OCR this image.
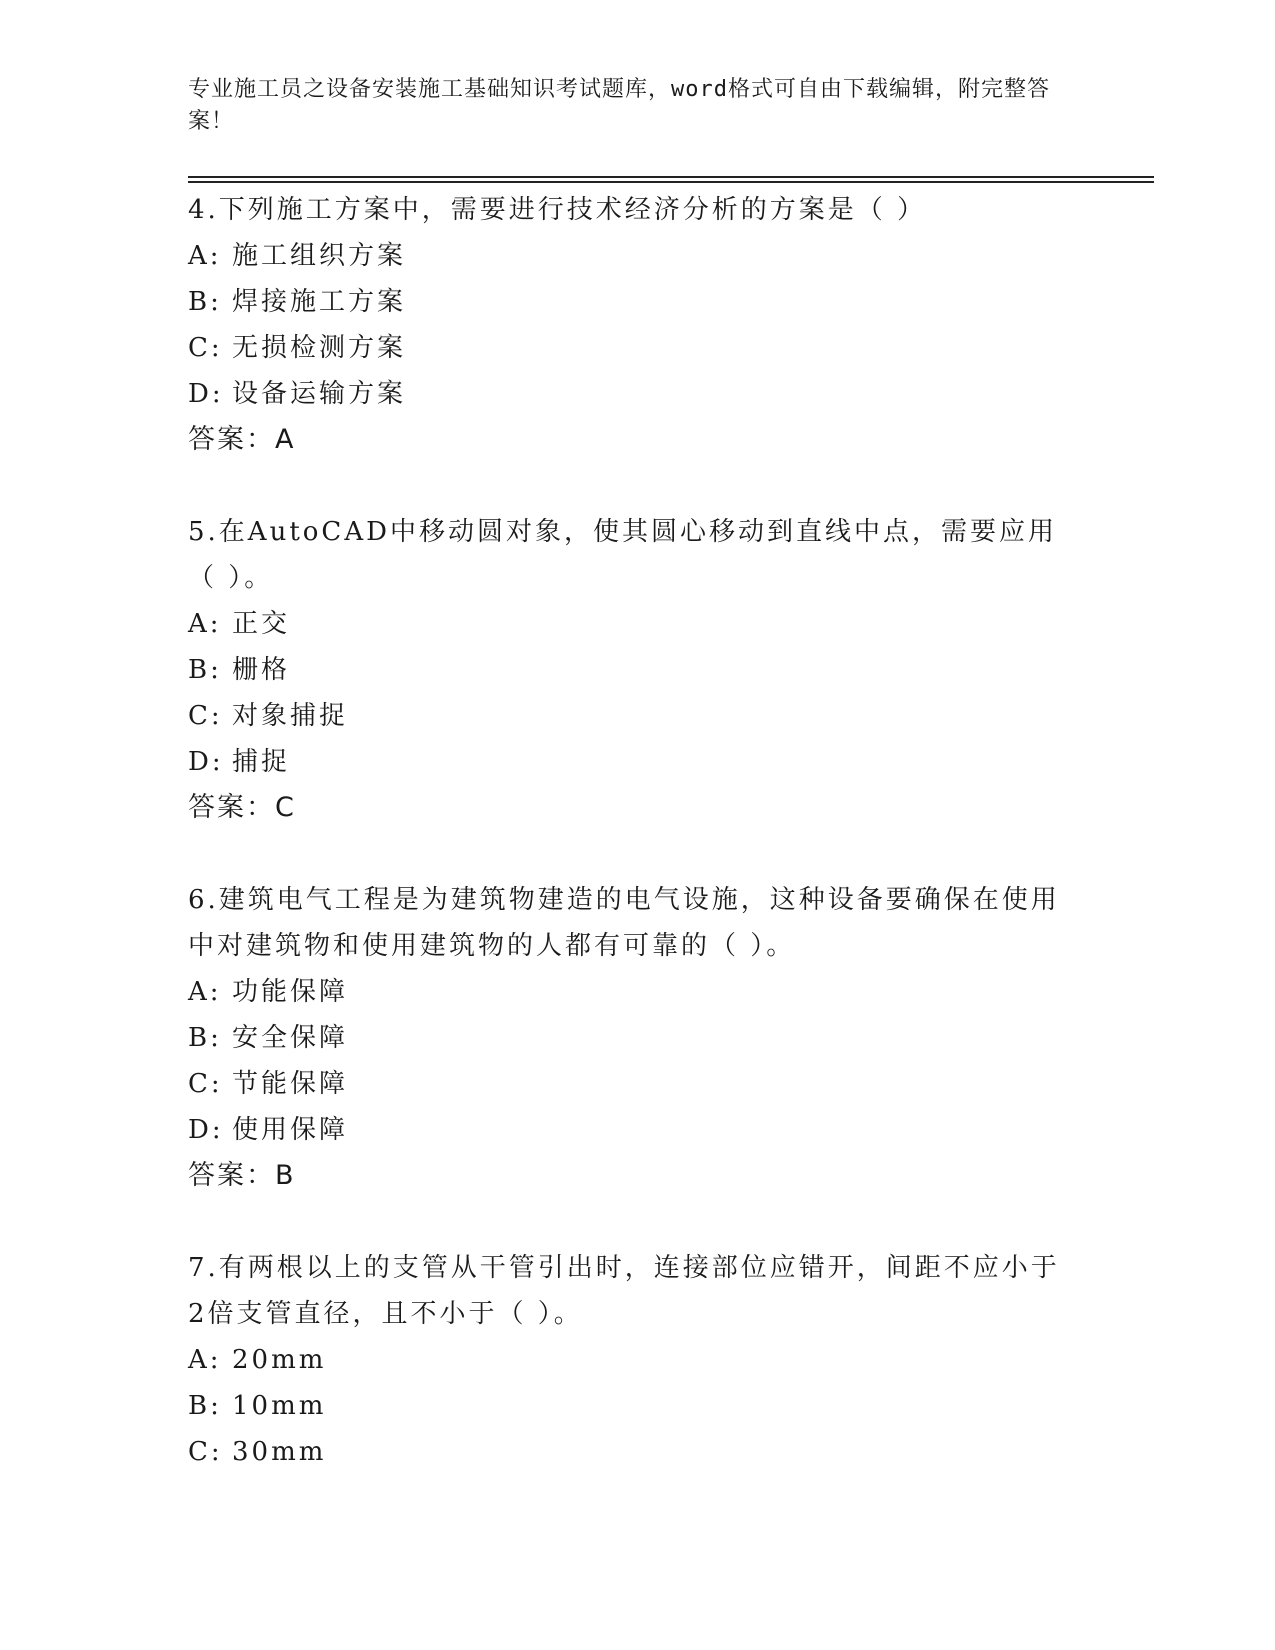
专业施工员之设备安装施工基础知识考试题库，word格式可自由下载编辑，附完整答案！
4.下列施工方案中，需要进行技术经济分析的方案是（ ）
A: 施工组织方案
B: 焊接施工方案
C: 无损检测方案
D: 设备运输方案
答案：A
5.在AutoCAD中移动圆对象，使其圆心移动到直线中点，需要应用（ ）。
A: 正交
B: 栅格
C: 对象捕捉
D: 捕捉
答案：C
6.建筑电气工程是为建筑物建造的电气设施，这种设备要确保在使用中对建筑物和使用建筑物的人都有可靠的（ ）。
A: 功能保障
B: 安全保障
C: 节能保障
D: 使用保障
答案：B
7.有两根以上的支管从干管引出时，连接部位应错开，间距不应小于2倍支管直径，且不小于（ ）。
A: 20mm
B: 10mm
C: 30mm
